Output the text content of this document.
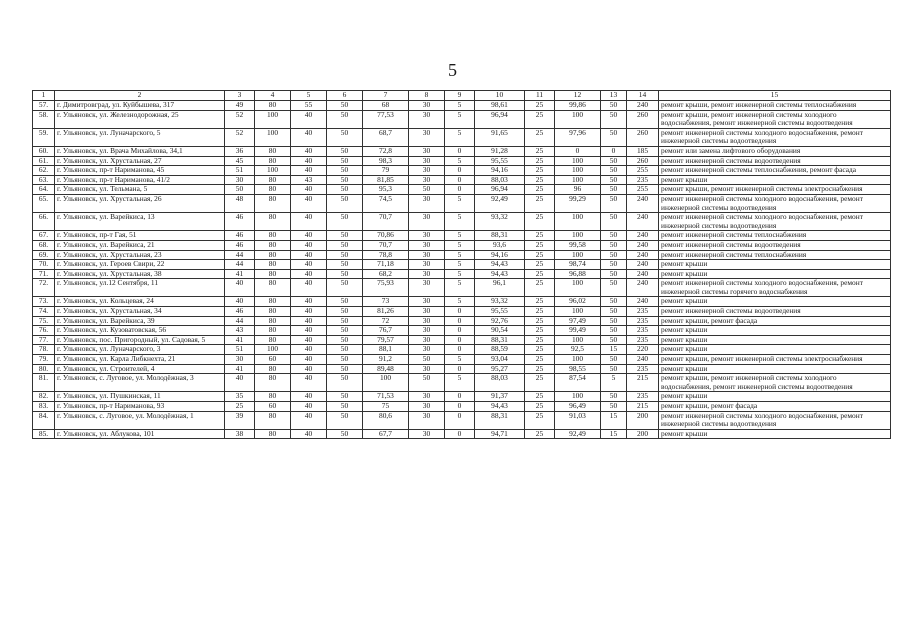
5
1	2	3	4	5	6	7	8	9	10	11	12	13	14	15
57.	г. Димитровград, ул. Куйбышева, 317	49	80	55	50	68	30	5	98,61	25	99,86	50	240	ремонт крыши, ремонт инженерной системы теплоснабжения
58.	г. Ульяновск, ул. Железнодорожная, 25	52	100	40	50	77,53	30	5	96,94	25	100	50	260	ремонт крыши, ремонт инженерной системы холодного водоснабжения, ремонт инженерной системы водоотведения
59.	г. Ульяновск, ул. Луначарского, 5	52	100	40	50	68,7	30	5	91,65	25	97,96	50	260	ремонт инженерной системы холодного водоснабжения, ремонт инженерной системы водоотведения
60.	г. Ульяновск, ул. Врача Михайлова, 34,1	36	80	40	50	72,8	30	0	91,28	25	0	0	185	ремонт или замена лифтового оборудования
61.	г. Ульяновск, ул. Хрустальная, 27	45	80	40	50	98,3	30	5	95,55	25	100	50	260	ремонт инженерной системы водоотведения
62.	г. Ульяновск, пр-т Нариманова, 45	51	100	40	50	79	30	0	94,16	25	100	50	255	ремонт инженерной системы теплоснабжения, ремонт фасада
63.	г. Ульяновск, пр-т Нариманова, 41/2	30	80	43	50	81,85	30	0	88,03	25	100	50	235	ремонт крыши
64.	г. Ульяновск, ул. Тельмана, 5	50	80	40	50	95,3	50	0	96,94	25	96	50	255	ремонт крыши, ремонт инженерной системы электроснабжения
65.	г. Ульяновск, ул. Хрустальная, 26	48	80	40	50	74,5	30	5	92,49	25	99,29	50	240	ремонт инженерной системы холодного водоснабжения, ремонт инженерной системы водоотведения
66.	г. Ульяновск, ул. Варейкиса, 13	46	80	40	50	70,7	30	5	93,32	25	100	50	240	ремонт инженерной системы холодного водоснабжения, ремонт инженерной системы водоотведения
67.	г. Ульяновск, пр-т Гая, 51	46	80	40	50	70,86	30	5	88,31	25	100	50	240	ремонт инженерной системы теплоснабжения
68.	г. Ульяновск, ул. Варейкиса, 21	46	80	40	50	70,7	30	5	93,6	25	99,58	50	240	ремонт инженерной системы водоотведения
69.	г. Ульяновск, ул. Хрустальная, 23	44	80	40	50	78,8	30	5	94,16	25	100	50	240	ремонт инженерной системы теплоснабжения
70.	г. Ульяновск, ул. Героев Свири, 22	44	80	40	50	71,18	30	5	94,43	25	98,74	50	240	ремонт крыши
71.	г. Ульяновск, ул. Хрустальная, 38	41	80	40	50	68,2	30	5	94,43	25	96,88	50	240	ремонт крыши
72.	г. Ульяновск, ул.12 Сентября, 11	40	80	40	50	75,93	30	5	96,1	25	100	50	240	ремонт инженерной системы холодного водоснабжения, ремонт инженерной системы горячего водоснабжения
73.	г. Ульяновск, ул. Кольцевая, 24	40	80	40	50	73	30	5	93,32	25	96,02	50	240	ремонт крыши
74.	г. Ульяновск, ул. Хрустальная, 34	46	80	40	50	81,26	30	0	95,55	25	100	50	235	ремонт инженерной системы водоотведения
75.	г. Ульяновск, ул. Варейкиса, 39	44	80	40	50	72	30	0	92,76	25	97,49	50	235	ремонт крыши, ремонт фасада
76.	г. Ульяновск, ул. Кузоватовская, 56	43	80	40	50	76,7	30	0	90,54	25	99,49	50	235	ремонт крыши
77.	г. Ульяновск, пос. Пригородный, ул. Садовая, 5	41	80	40	50	79,57	30	0	88,31	25	100	50	235	ремонт крыши
78.	г. Ульяновск, ул. Луначарского, 3	51	100	40	50	88,1	30	0	88,59	25	92,5	15	220	ремонт крыши
79.	г. Ульяновск, ул. Карла Либкнехта, 21	30	60	40	50	91,2	50	5	93,04	25	100	50	240	ремонт крыши, ремонт инженерной системы электроснабжения
80.	г. Ульяновск, ул. Строителей, 4	41	80	40	50	89,48	30	0	95,27	25	98,55	50	235	ремонт крыши
81.	г. Ульяновск, с. Луговое, ул. Молодёжная, 3	40	80	40	50	100	50	5	88,03	25	87,54	5	215	ремонт крыши, ремонт инженерной системы холодного водоснабжения, ремонт инженерной системы водоотведения
82.	г. Ульяновск, ул. Пушкинская, 11	35	80	40	50	71,53	30	0	91,37	25	100	50	235	ремонт крыши
83.	г. Ульяновск, пр-т Нариманова, 93	25	60	40	50	75	30	0	94,43	25	96,49	50	215	ремонт крыши, ремонт фасада
84.	г. Ульяновск, с. Луговое, ул. Молодёжная, 1	39	80	40	50	80,6	30	0	88,31	25	91,03	15	200	ремонт инженерной системы холодного водоснабжения, ремонт инженерной системы водоотведения
85.	г. Ульяновск, ул. Аблукова, 101	38	80	40	50	67,7	30	0	94,71	25	92,49	15	200	ремонт крыши
